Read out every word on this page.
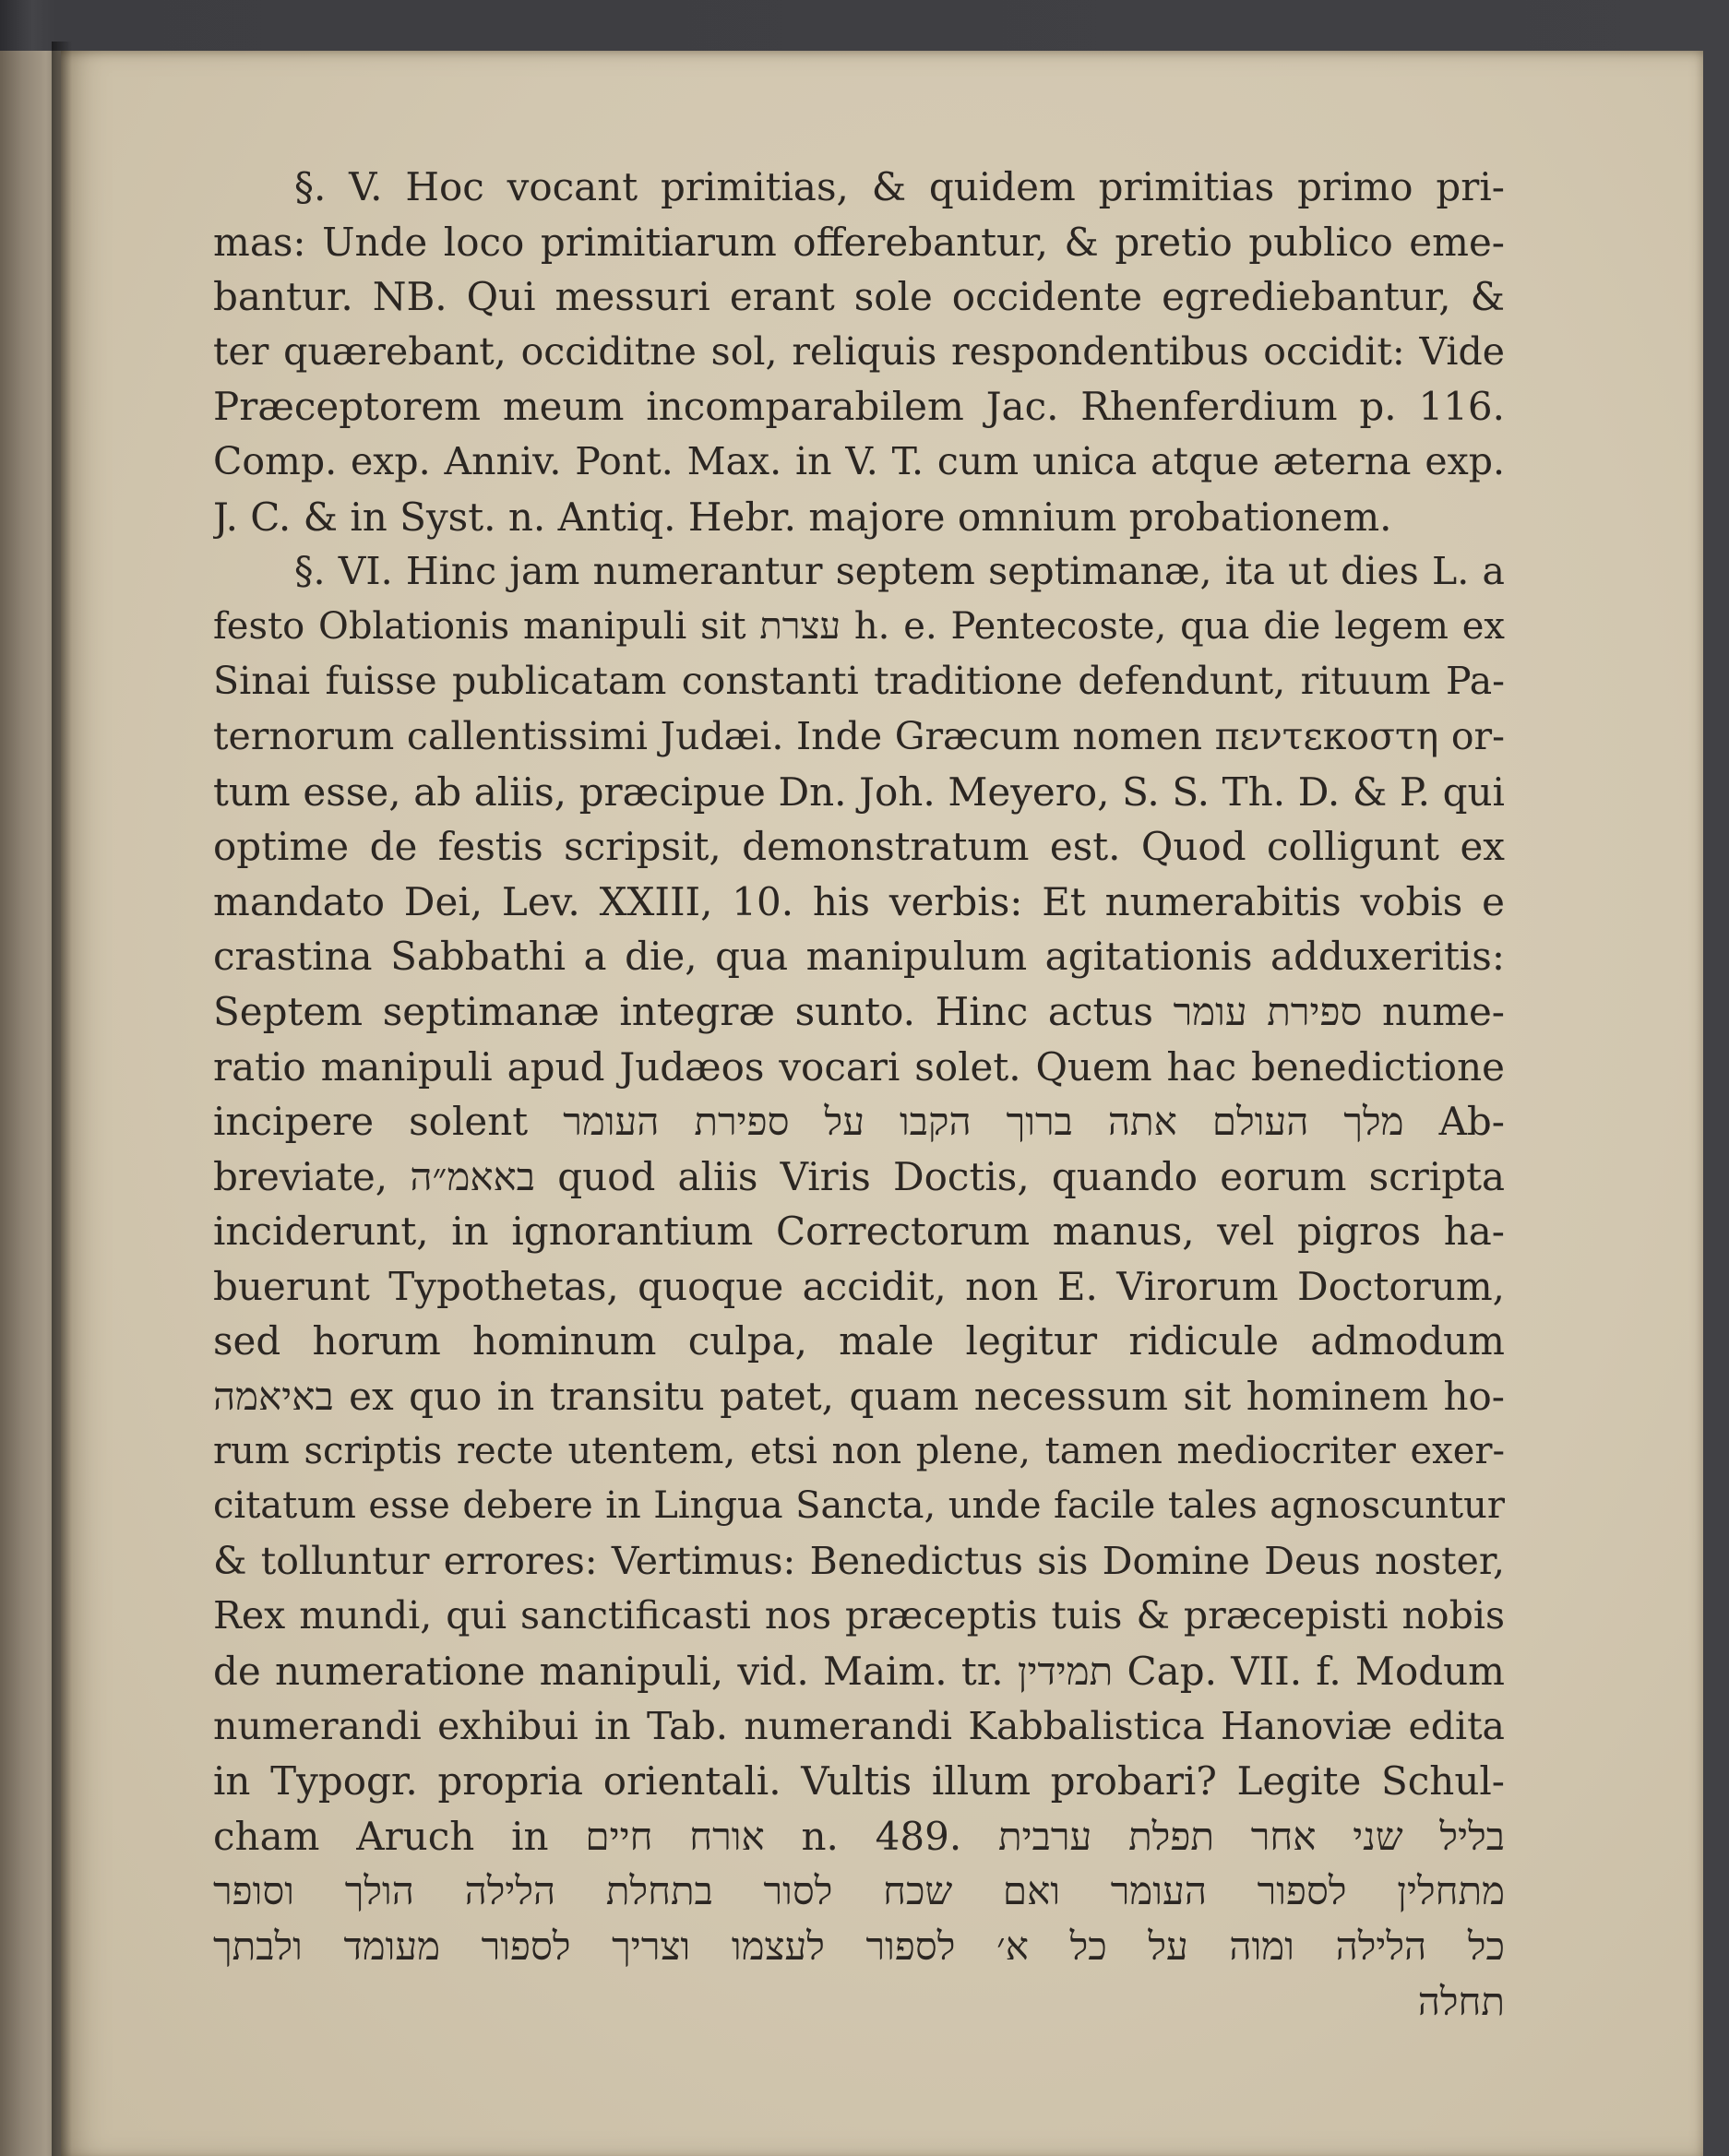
§. V. Hoc vocant primitias, & quidem primitias primo pri-
mas: Unde loco primitiarum offerebantur, & pretio publico eme-
bantur. NB. Qui messuri erant sole occidente egrediebantur, &
ter quærebant, occiditne sol, reliquis respondentibus occidit: Vide
Præceptorem meum incomparabilem Jac. Rhenferdium p. 116.
Comp. exp. Anniv. Pont. Max. in V. T. cum unica atque æterna exp.
J. C. & in Syst. n. Antiq. Hebr. majore omnium probationem.
§. VI. Hinc jam numerantur septem septimanæ, ita ut dies L. a
festo Oblationis manipuli sit עצרת h. e. Pentecoste, qua die legem ex
Sinai fuisse publicatam constanti traditione defendunt, rituum Pa-
ternorum callentissimi Judæi. Inde Græcum nomen πεντεκοστη or-
tum esse, ab aliis, præcipue Dn. Joh. Meyero, S. S. Th. D. & P. qui
optime de festis scripsit, demonstratum est. Quod colligunt ex
mandato Dei, Lev. XXIII, 10. his verbis: Et numerabitis vobis e
crastina Sabbathi a die, qua manipulum agitationis adduxeritis:
Septem septimanæ integræ sunto. Hinc actus ספירת עומר nume-
ratio manipuli apud Judæos vocari solet. Quem hac benedictione
incipere solent מלך העולם אתה ברוך הקבו על ספירת העומר Ab-
breviate, באאמ״ה quod aliis Viris Doctis, quando eorum scripta
inciderunt, in ignorantium Correctorum manus, vel pigros ha-
buerunt Typothetas, quoque accidit, non E. Virorum Doctorum,
sed horum hominum culpa, male legitur ridicule admodum
באיאמה ex quo in transitu patet, quam necessum sit hominem ho-
rum scriptis recte utentem, etsi non plene, tamen mediocriter exer-
citatum esse debere in Lingua Sancta, unde facile tales agnoscuntur
& tolluntur errores: Vertimus: Benedictus sis Domine Deus noster,
Rex mundi, qui sanctificasti nos præceptis tuis & præcepisti nobis
de numeratione manipuli, vid. Maim. tr. תמידין Cap. VII. f. Modum
numerandi exhibui in Tab. numerandi Kabbalistica Hanoviæ edita
in Typogr. propria orientali. Vultis illum probari? Legite Schul-
cham Aruch in אורח חיים n. 489. בליל שני אחר תפלת ערבית
מתחלין לספור העומר ואם שכח לסור בתחלת הלילה הולך וסופר
כל הלילה ומוה על כל א׳ לספור לעצמו וצריך לספור מעומד ולבתך
תחלה
